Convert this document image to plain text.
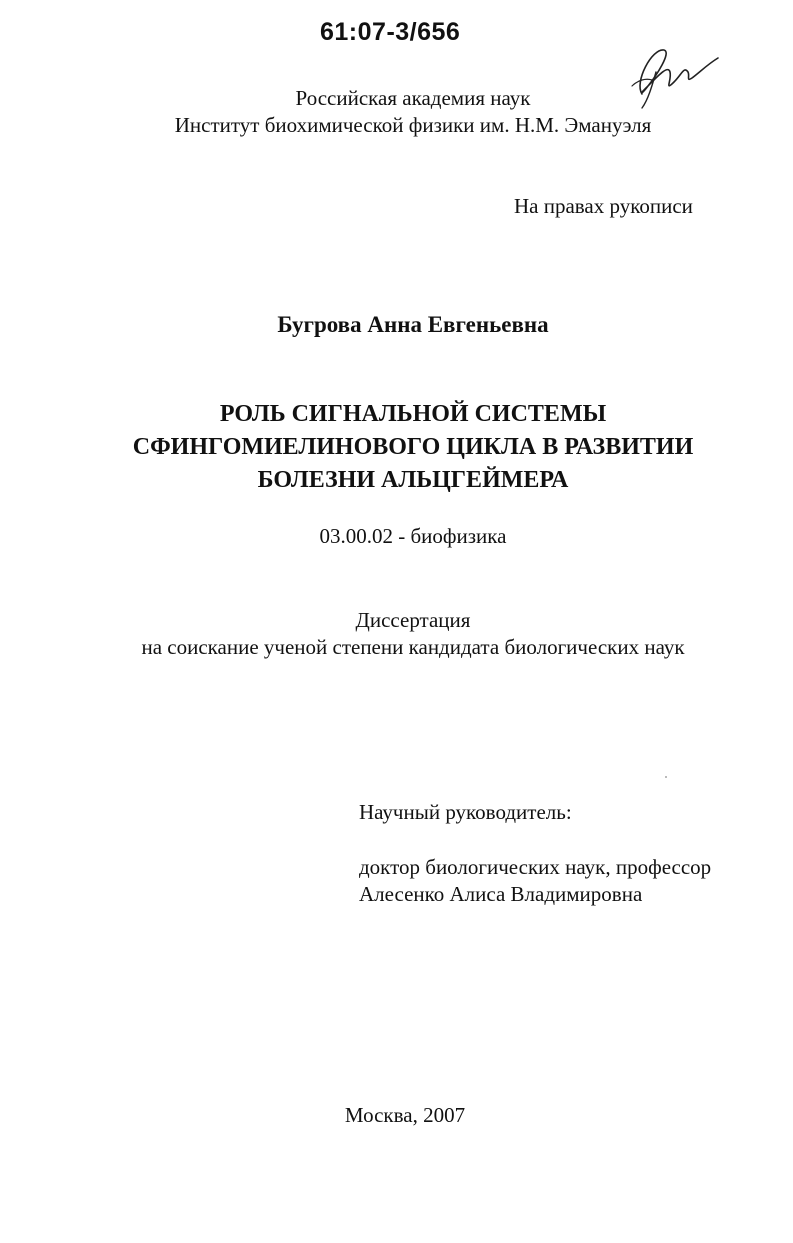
61:07-3/656
Российская академия наук
Институт биохимической физики им. Н.М. Эмануэля
На правах рукописи
Бугрова Анна Евгеньевна
РОЛЬ СИГНАЛЬНОЙ СИСТЕМЫ
СФИНГОМИЕЛИНОВОГО ЦИКЛА В РАЗВИТИИ
БОЛЕЗНИ АЛЬЦГЕЙМЕРА
03.00.02 - биофизика
Диссертация
на соискание ученой степени кандидата биологических наук
Научный руководитель:
доктор биологических наук, профессор
Алесенко Алиса Владимировна
Москва, 2007
